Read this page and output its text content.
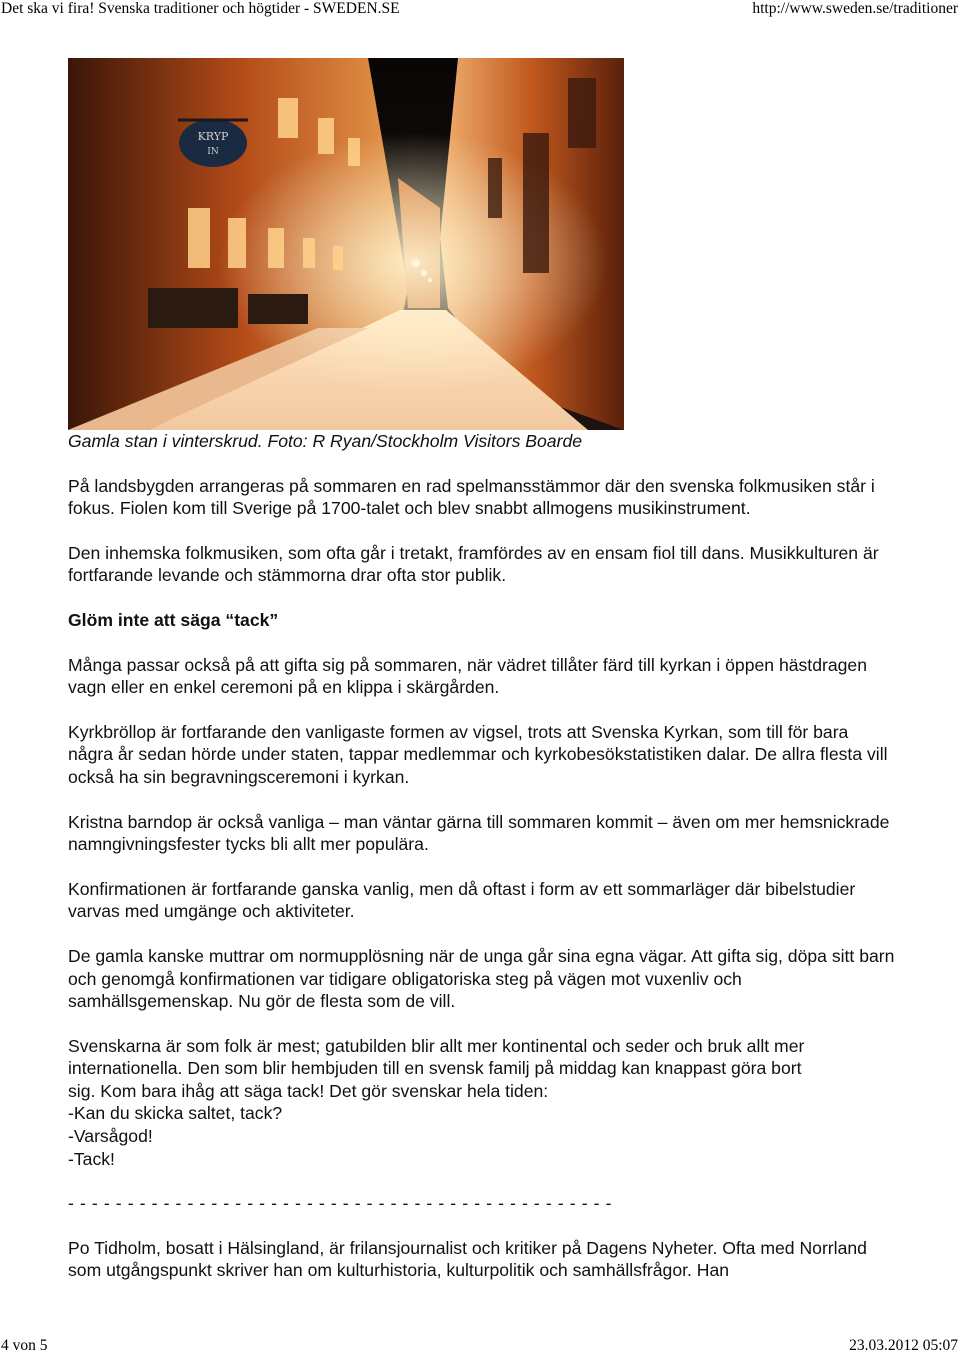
Det ska vi fira! Svenska traditioner och högtider - SWEDEN.SE	http://www.sweden.se/traditioner
KRYP
IN

Gamla stan i vinterskrud. Foto: R Ryan/Stockholm Visitors Boarde

På landsbygden arrangeras på sommaren en rad spelmansstämmor där den svenska folkmusiken står i fokus. Fiolen kom till Sverige på 1700-talet och blev snabbt allmogens musikinstrument.

Den inhemska folkmusiken, som ofta går i tretakt, framfördes av en ensam fiol till dans. Musikkulturen är fortfarande levande och stämmorna drar ofta stor publik.

Glöm inte att säga “tack”

Många passar också på att gifta sig på sommaren, när vädret tillåter färd till kyrkan i öppen hästdragen vagn eller en enkel ceremoni på en klippa i skärgården.

Kyrkbröllop är fortfarande den vanligaste formen av vigsel, trots att Svenska Kyrkan, som till för bara några år sedan hörde under staten, tappar medlemmar och kyrkobesökstatistiken dalar. De allra flesta vill också ha sin begravningsceremoni i kyrkan.

Kristna barndop är också vanliga – man väntar gärna till sommaren kommit – även om mer hemsnickrade namngivningsfester tycks bli allt mer populära.

Konfirmationen är fortfarande ganska vanlig, men då oftast i form av ett sommarläger där bibelstudier varvas med umgänge och aktiviteter.

De gamla kanske muttrar om normupplösning när de unga går sina egna vägar. Att gifta sig, döpa sitt barn och genomgå konfirmationen var tidigare obligatoriska steg på vägen mot vuxenliv och samhällsgemenskap. Nu gör de flesta som de vill.

Svenskarna är som folk är mest; gatubilden blir allt mer kontinental och seder och bruk allt mer
internationella. Den som blir hembjuden till en svensk familj på middag kan knappast göra bort
sig. Kom bara ihåg att säga tack! Det gör svenskar hela tiden:
-Kan du skicka saltet, tack?
-Varsågod!
-Tack!

- - - - - - - - - - - - - - - - - - - - - - - - - - - - - - - - - - - - - - - - - - - - - -

Po Tidholm, bosatt i Hälsingland, är frilansjournalist och kritiker på Dagens Nyheter. Ofta med Norrland som utgångspunkt skriver han om kulturhistoria, kulturpolitik och samhällsfrågor. Han

4 von 5	23.03.2012 05:07
